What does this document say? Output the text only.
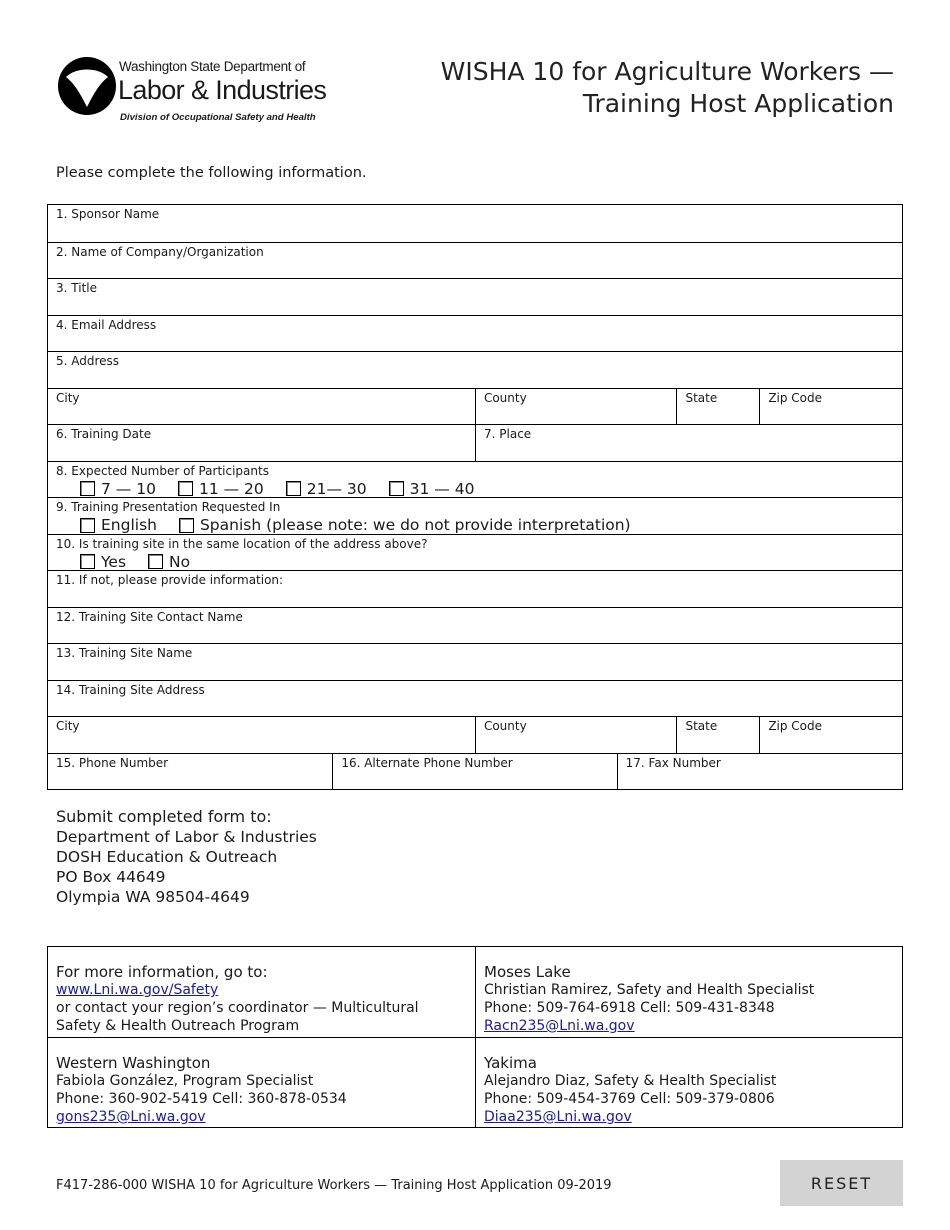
Washington State Department of
Labor & Industries
Division of Occupational Safety and Health
WISHA 10 for Agriculture Workers —
Training Host Application
Please complete the following information.
1. Sponsor Name
2. Name of Company/Organization
3. Title
4. Email Address
5. Address
City	County	State	Zip Code
6. Training Date	7. Place
8. Expected Number of Participants
7 — 10	11 — 20	21— 30	31 — 40
9. Training Presentation Requested In
English	Spanish (please note: we do not provide interpretation)
10. Is training site in the same location of the address above?
Yes	No
11. If not, please provide information:
12. Training Site Contact Name
13. Training Site Name
14. Training Site Address
City	County	State	Zip Code
15. Phone Number	16. Alternate Phone Number	17. Fax Number
Submit completed form to:
Department of Labor & Industries
DOSH Education & Outreach
PO Box 44649
Olympia WA 98504-4649
For more information, go to:
www.Lni.wa.gov/Safety
or contact your region’s coordinator — Multicultural Safety & Health Outreach Program
Moses Lake
Christian Ramirez, Safety and Health Specialist
Phone: 509-764-6918 Cell: 509-431-8348
Racn235@Lni.wa.gov
Western Washington
Fabiola González, Program Specialist
Phone: 360-902-5419 Cell: 360-878-0534
gons235@Lni.wa.gov
Yakima
Alejandro Diaz, Safety & Health Specialist
Phone: 509-454-3769 Cell: 509-379-0806
Diaa235@Lni.wa.gov
F417-286-000 WISHA 10 for Agriculture Workers — Training Host Application 09-2019	RESET
